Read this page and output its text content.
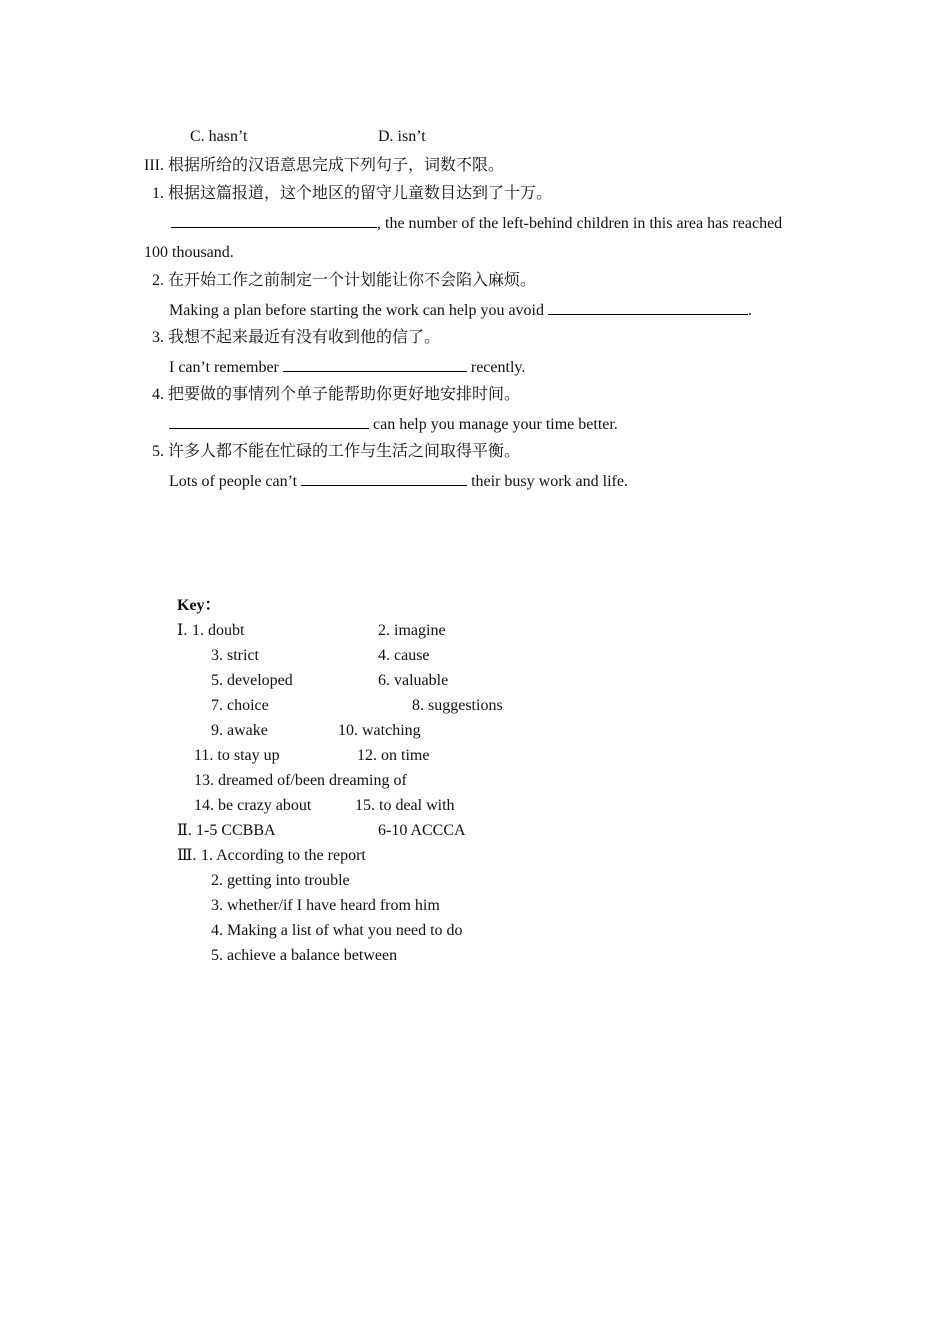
C. hasn’t	D. isn’t
III. 根据所给的汉语意思完成下列句子，词数不限。
1. 根据这篇报道，这个地区的留守儿童数目达到了十万。
, the number of the left-behind children in this area has reached
100 thousand.
2. 在开始工作之前制定一个计划能让你不会陷入麻烦。
Making a plan before starting the work can help you avoid	.
3. 我想不起来最近有没有收到他的信了。
I can’t remember	recently.
4. 把要做的事情列个单子能帮助你更好地安排时间。
can help you manage your time better.
5. 许多人都不能在忙碌的工作与生活之间取得平衡。
Lots of people can’t	their busy work and life.
Key：
Ⅰ. 1. doubt	2. imagine
3. strict	4. cause
5. developed	6. valuable
7. choice	8. suggestions
9. awake	10. watching
11. to stay up	12. on time
13. dreamed of/been dreaming of
14. be crazy about	15. to deal with
Ⅱ. 1-5 CCBBA	6-10 ACCCA
Ⅲ. 1. According to the report
2. getting into trouble
3. whether/if I have heard from him
4. Making a list of what you need to do
5. achieve a balance between
